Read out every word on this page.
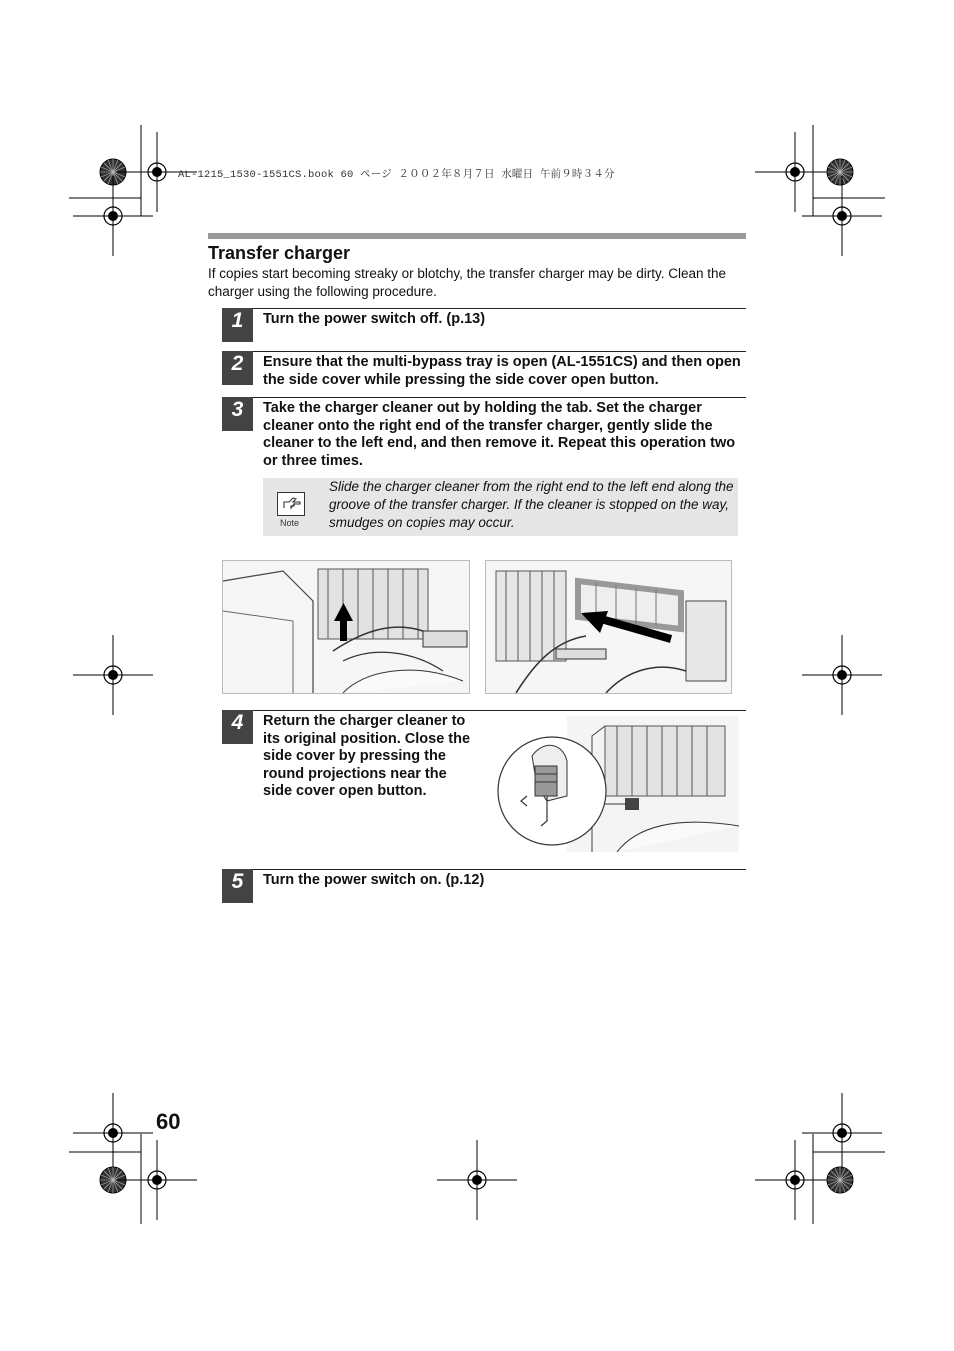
AL-1215_1530-1551CS.book 60 ページ ２００２年８月７日 水曜日 午前９時３４分
Transfer charger
If copies start becoming streaky or blotchy, the transfer charger may be dirty. Clean the charger using the following procedure.
1	Turn the power switch off. (p.13)
2	Ensure that the multi-bypass tray is open (AL-1551CS) and then open the side cover while pressing the side cover open button.
3	Take the charger cleaner out by holding the tab. Set the charger cleaner onto the right end of the transfer charger, gently slide the cleaner to the left end, and then remove it. Repeat this operation two or three times.
Note
Slide the charger cleaner from the right end to the left end along the groove of the transfer charger. If the cleaner is stopped on the way, smudges on copies may occur.
4	Return the charger cleaner to its original position. Close the side cover by pressing the round projections near the side cover open button.
5	Turn the power switch on. (p.12)
60
